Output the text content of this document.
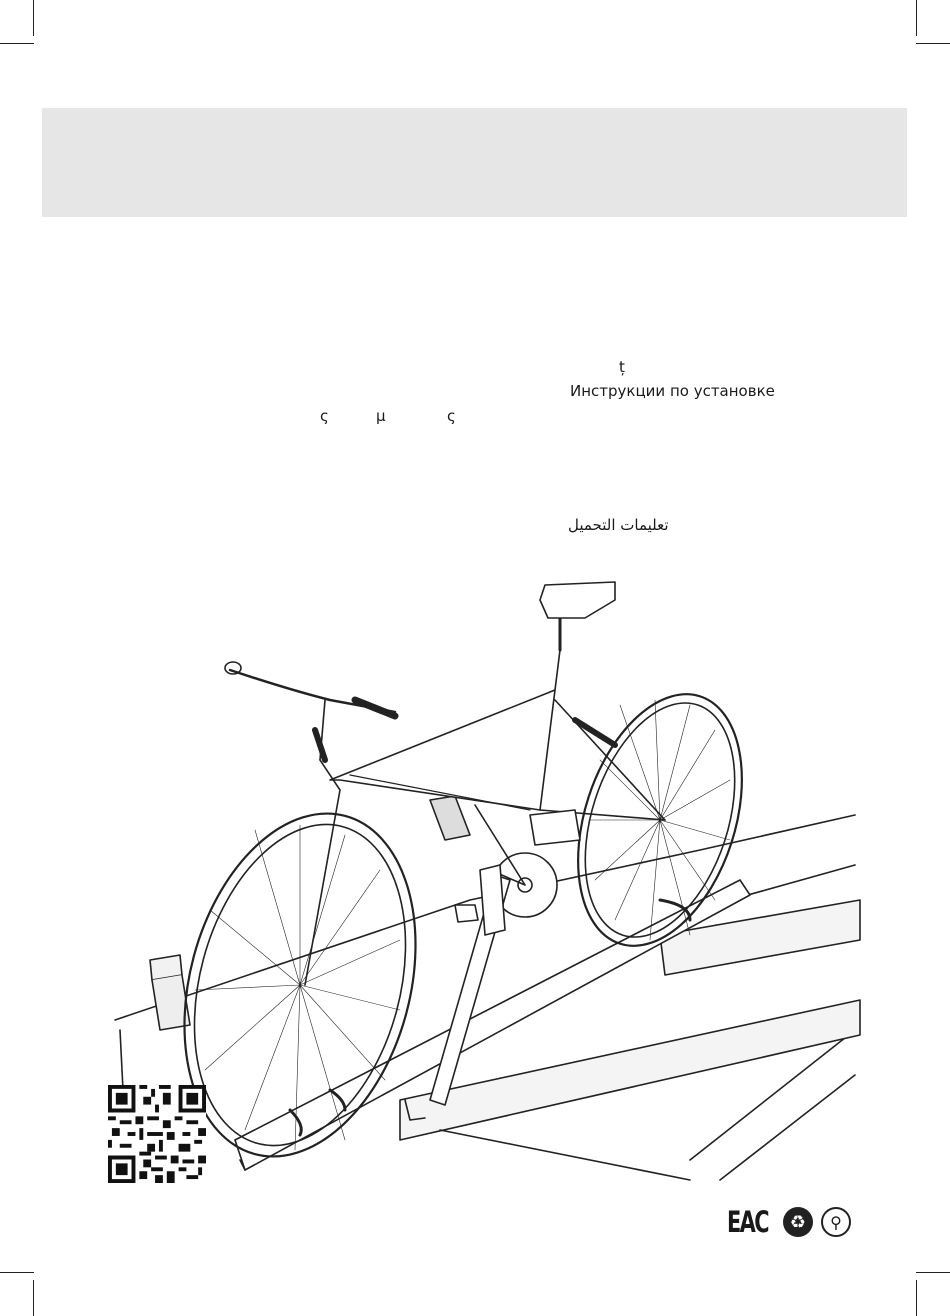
ț
Инструкции по установке
ς	μ	ς
تعليمات التحميل
EAC	♻	⚲
